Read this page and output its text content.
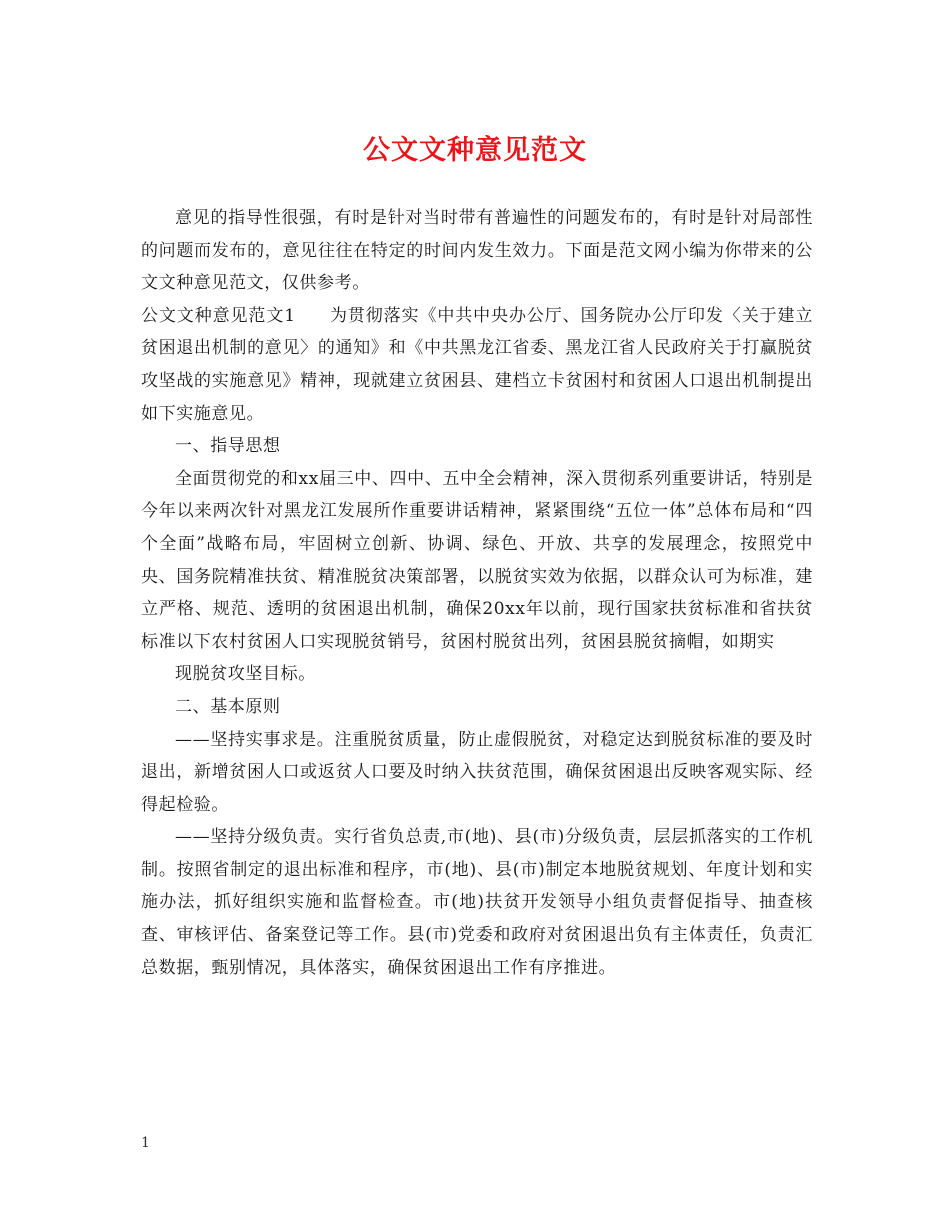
公文文种意见范文

意见的指导性很强，有时是针对当时带有普遍性的问题发布的，有时是针对局部性的问题而发布的，意见往往在特定的时间内发生效力。下面是范文网小编为你带来的公文文种意见范文，仅供参考。

公文文种意见范文1 为贯彻落实《中共中央办公厅、国务院办公厅印发〈关于建立贫困退出机制的意见〉的通知》和《中共黑龙江省委、黑龙江省人民政府关于打赢脱贫攻坚战的实施意见》精神，现就建立贫困县、建档立卡贫困村和贫困人口退出机制提出如下实施意见。

一、指导思想

全面贯彻党的和xx届三中、四中、五中全会精神，深入贯彻系列重要讲话，特别是今年以来两次针对黑龙江发展所作重要讲话精神，紧紧围绕“五位一体”总体布局和“四个全面”战略布局，牢固树立创新、协调、绿色、开放、共享的发展理念，按照党中央、国务院精准扶贫、精准脱贫决策部署，以脱贫实效为依据，以群众认可为标准，建立严格、规范、透明的贫困退出机制，确保20xx年以前，现行国家扶贫标准和省扶贫标准以下农村贫困人口实现脱贫销号，贫困村脱贫出列，贫困县脱贫摘帽，如期实

现脱贫攻坚目标。

二、基本原则

——坚持实事求是。注重脱贫质量，防止虚假脱贫，对稳定达到脱贫标准的要及时退出，新增贫困人口或返贫人口要及时纳入扶贫范围，确保贫困退出反映客观实际、经得起检验。

——坚持分级负责。实行省负总责,市(地)、县(市)分级负责，层层抓落实的工作机制。按照省制定的退出标准和程序，市(地)、县(市)制定本地脱贫规划、年度计划和实施办法，抓好组织实施和监督检查。市(地)扶贫开发领导小组负责督促指导、抽查核查、审核评估、备案登记等工作。县(市)党委和政府对贫困退出负有主体责任，负责汇总数据，甄别情况，具体落实，确保贫困退出工作有序推进。

1
